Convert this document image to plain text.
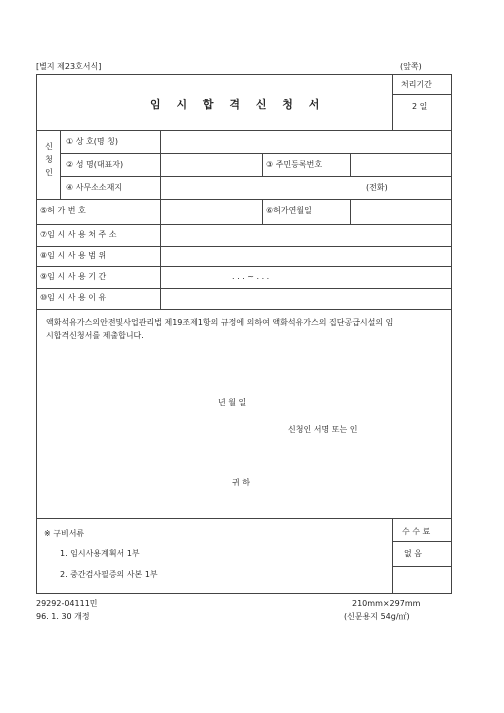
[별지 제23호서식]	(앞쪽)
임 시 합 격 신 청 서
처리기간
2 일
신 청 인
① 상 호(명 칭)
② 성 명(대표자)	③ 주민등록번호
④ 사무소소재지	(전화)
⑤허 가 번 호	⑥허가연월일
⑦임 시 사 용 처 주 소
⑧임 시 사 용 범 위
⑨임 시 사 용 기 간	. . . ~ . . .
⑩임 시 사 용 이 유
액화석유가스의안전및사업관리법 제19조제1항의 규정에 의하여 액화석유가스의 집단공급시설의 임
시합격신청서를 제출합니다.
년 월 일
신청인 서명 또는 인
귀 하
※ 구비서류
1. 임시사용계획서 1부
2. 중간검사필증의 사본 1부
수 수 료
없 음
29292-04111민
96. 1. 30 개정
210mm×297mm
(신문용지 54g/㎡)
